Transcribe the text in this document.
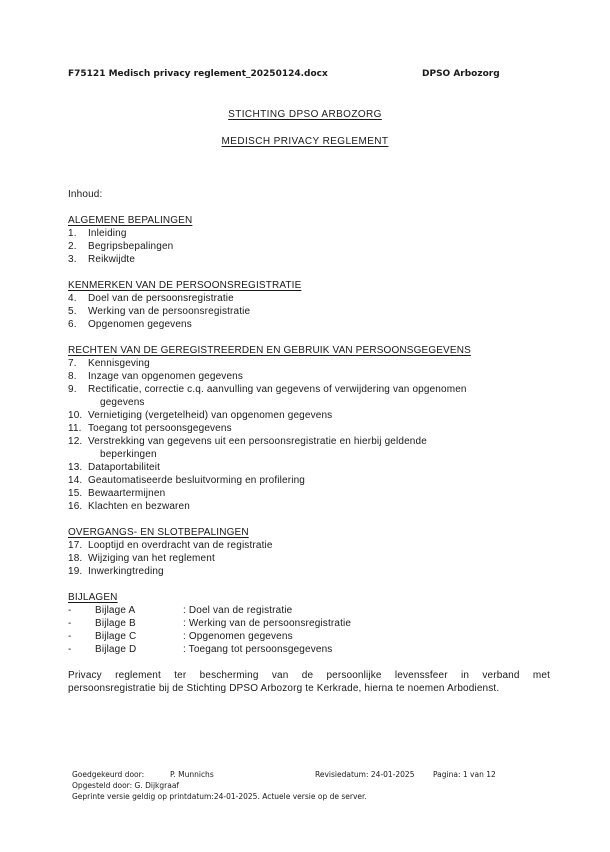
F75121 Medisch privacy reglement_20250124.docx	DPSO Arbozorg
STICHTING DPSO ARBOZORG
MEDISCH PRIVACY REGLEMENT
Inhoud:
ALGEMENE BEPALINGEN
1.	Inleiding
2.	Begripsbepalingen
3.	Reikwijdte
KENMERKEN VAN DE PERSOONSREGISTRATIE
4.	Doel van de persoonsregistratie
5.	Werking van de persoonsregistratie
6.	Opgenomen gegevens
RECHTEN VAN DE GEREGISTREERDEN EN GEBRUIK VAN PERSOONSGEGEVENS
7.	Kennisgeving
8.	Inzage van opgenomen gegevens
9.	Rectificatie, correctie c.q. aanvulling van gegevens of verwijdering van opgenomen
gegevens
10. Vernietiging (vergetelheid) van opgenomen gegevens
11. Toegang tot persoonsgegevens
12. Verstrekking van gegevens uit een persoonsregistratie en hierbij geldende
beperkingen
13. Dataportabiliteit
14. Geautomatiseerde besluitvorming en profilering
15. Bewaartermijnen
16. Klachten en bezwaren
OVERGANGS- EN SLOTBEPALINGEN
17. Looptijd en overdracht van de registratie
18. Wijziging van het reglement
19. Inwerkingtreding
BIJLAGEN
-	Bijlage A	: Doel van de registratie
-	Bijlage B	: Werking van de persoonsregistratie
-	Bijlage C	: Opgenomen gegevens
-	Bijlage D	: Toegang tot persoonsgegevens
Privacy reglement ter bescherming van de persoonlijke levenssfeer in verband met
persoonsregistratie bij de Stichting DPSO Arbozorg te Kerkrade, hierna te noemen Arbodienst.
Goedgekeurd door:	P. Munnichs	Revisiedatum: 24-01-2025 Pagina: 1 van 12
Opgesteld door: G. Dijkgraaf
Geprinte versie geldig op printdatum:24-01-2025. Actuele versie op de server.
